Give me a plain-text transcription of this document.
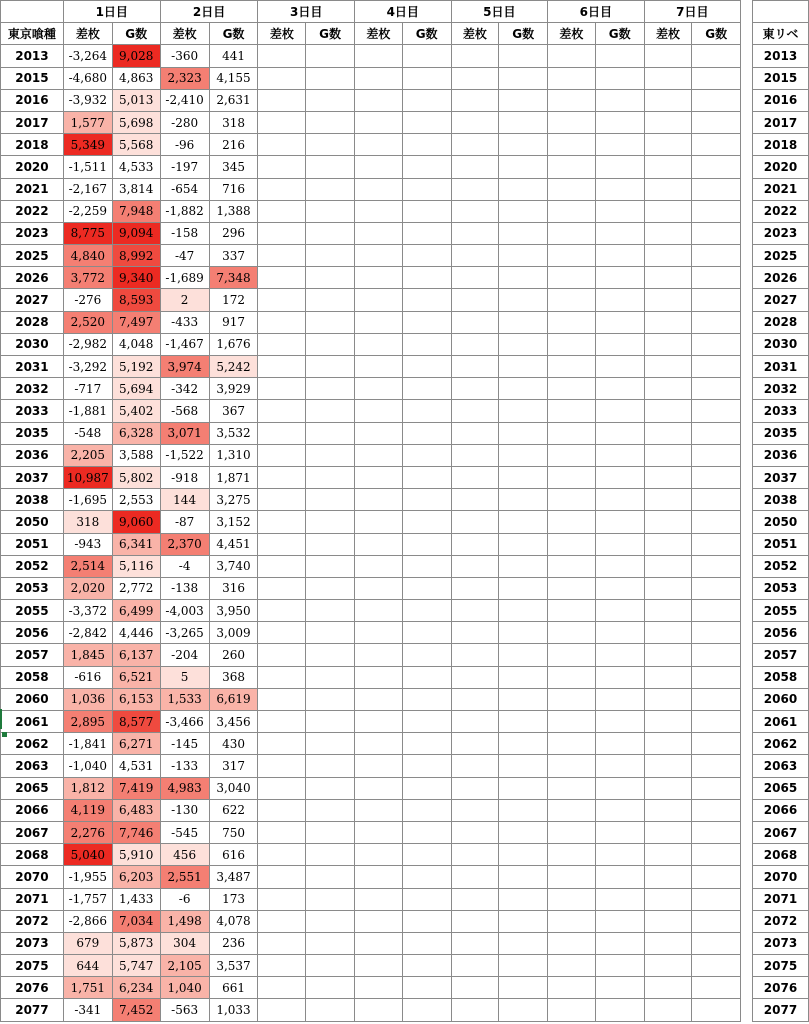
	1日目		2日目		3日目		4日目		5日目		6日目		7日目			
東京喰種	差枚	G数	差枚	G数	差枚	G数	差枚	G数	差枚	G数	差枚	G数	差枚	G数		東リベ
2013	-3,264	9,028	-360	441												2013
2015	-4,680	4,863	2,323	4,155												2015
2016	-3,932	5,013	-2,410	2,631												2016
2017	1,577	5,698	-280	318												2017
2018	5,349	5,568	-96	216												2018
2020	-1,511	4,533	-197	345												2020
2021	-2,167	3,814	-654	716												2021
2022	-2,259	7,948	-1,882	1,388												2022
2023	8,775	9,094	-158	296												2023
2025	4,840	8,992	-47	337												2025
2026	3,772	9,340	-1,689	7,348												2026
2027	-276	8,593	2	172												2027
2028	2,520	7,497	-433	917												2028
2030	-2,982	4,048	-1,467	1,676												2030
2031	-3,292	5,192	3,974	5,242												2031
2032	-717	5,694	-342	3,929												2032
2033	-1,881	5,402	-568	367												2033
2035	-548	6,328	3,071	3,532												2035
2036	2,205	3,588	-1,522	1,310												2036
2037	10,987	5,802	-918	1,871												2037
2038	-1,695	2,553	144	3,275												2038
2050	318	9,060	-87	3,152												2050
2051	-943	6,341	2,370	4,451												2051
2052	2,514	5,116	-4	3,740												2052
2053	2,020	2,772	-138	316												2053
2055	-3,372	6,499	-4,003	3,950												2055
2056	-2,842	4,446	-3,265	3,009												2056
2057	1,845	6,137	-204	260												2057
2058	-616	6,521	5	368												2058
2060	1,036	6,153	1,533	6,619												2060
2061	2,895	8,577	-3,466	3,456												2061
2062	-1,841	6,271	-145	430												2062
2063	-1,040	4,531	-133	317												2063
2065	1,812	7,419	4,983	3,040												2065
2066	4,119	6,483	-130	622												2066
2067	2,276	7,746	-545	750												2067
2068	5,040	5,910	456	616												2068
2070	-1,955	6,203	2,551	3,487												2070
2071	-1,757	1,433	-6	173												2071
2072	-2,866	7,034	1,498	4,078												2072
2073	679	5,873	304	236												2073
2075	644	5,747	2,105	3,537												2075
2076	1,751	6,234	1,040	661												2076
2077	-341	7,452	-563	1,033												2077
